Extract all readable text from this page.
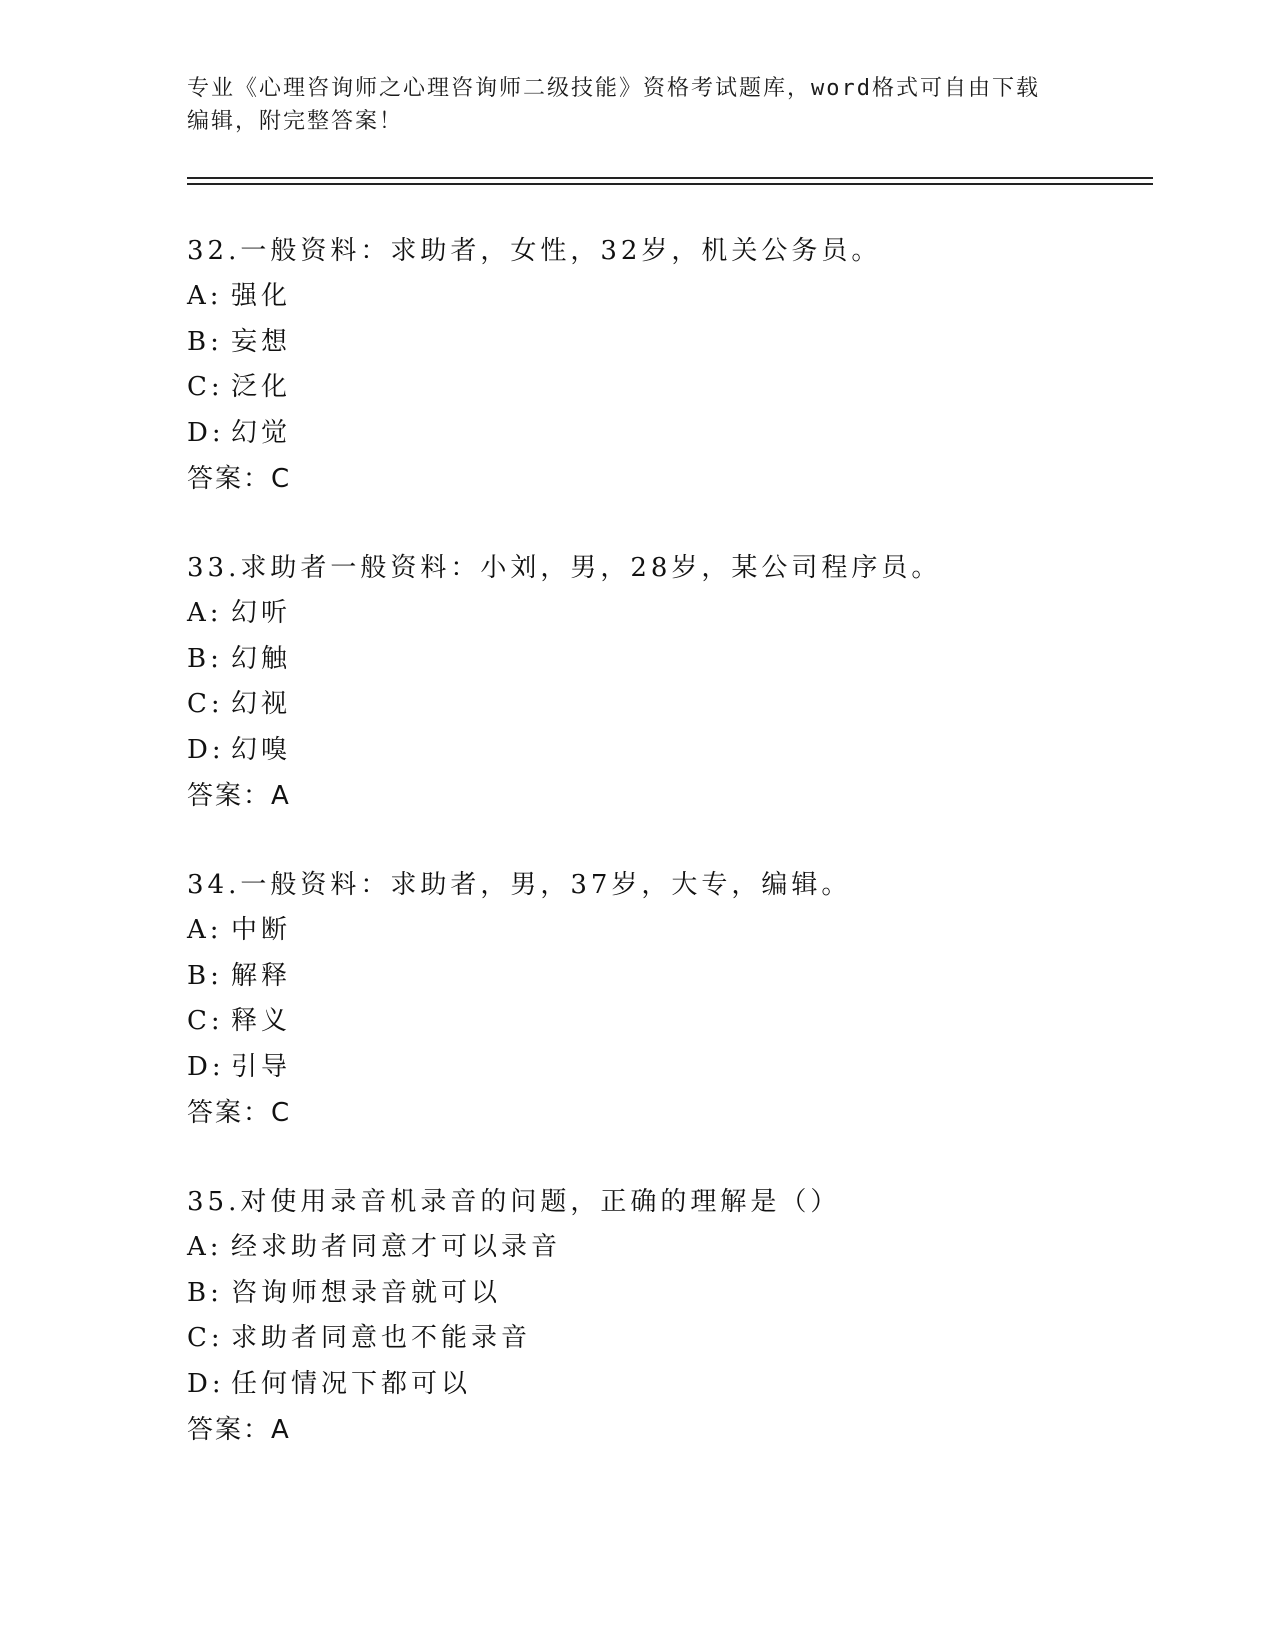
专业《心理咨询师之心理咨询师二级技能》资格考试题库，word格式可自由下载
编辑，附完整答案！
32.一般资料：求助者，女性，32岁，机关公务员。
A: 强化
B: 妄想
C: 泛化
D: 幻觉
答案：C
33.求助者一般资料：小刘，男，28岁，某公司程序员。
A: 幻听
B: 幻触
C: 幻视
D: 幻嗅
答案：A
34.一般资料：求助者，男，37岁，大专，编辑。
A: 中断
B: 解释
C: 释义
D: 引导
答案：C
35.对使用录音机录音的问题，正确的理解是（）
A: 经求助者同意才可以录音
B: 咨询师想录音就可以
C: 求助者同意也不能录音
D: 任何情况下都可以
答案：A
